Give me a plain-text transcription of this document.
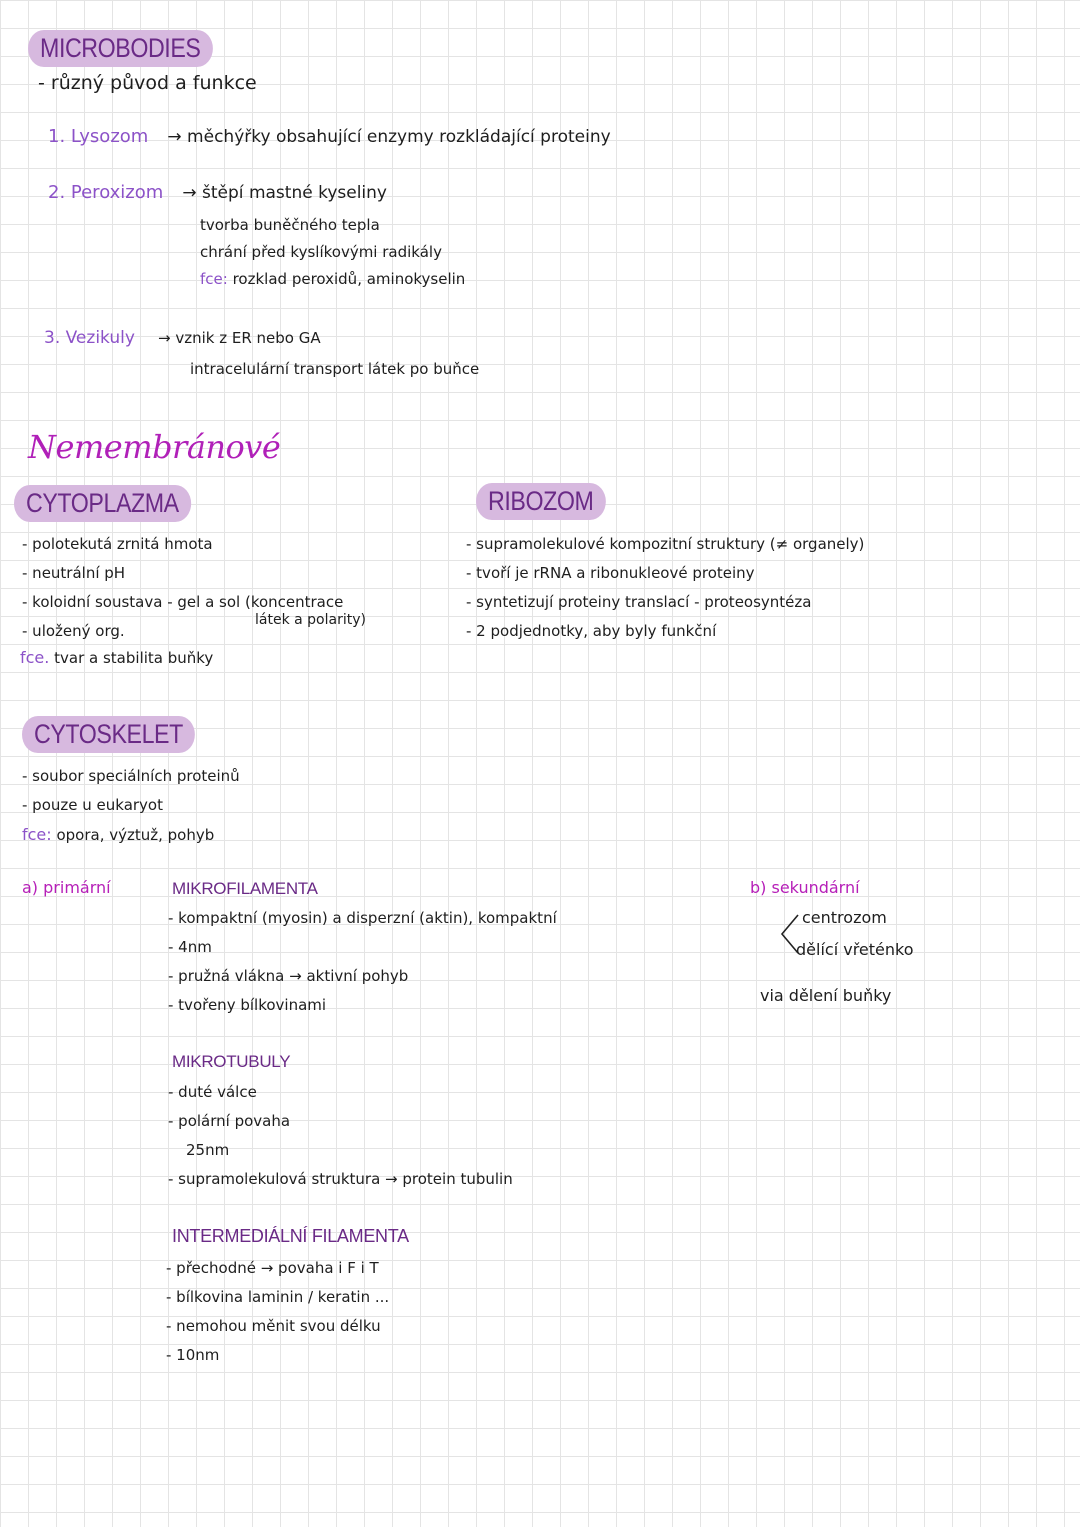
MICROBODIES
- různý původ a funkce
1. Lysozom → měchýřky obsahující enzymy rozkládající proteiny
2. Peroxizom → štěpí mastné kyseliny
tvorba buněčného tepla
chrání před kyslíkovými radikály
fce: rozklad peroxidů, aminokyselin
3. Vezikuly → vznik z ER nebo GA
intracelulární transport látek po buňce
Nemembránové
CYTOPLAZMA
- polotekutá zrnitá hmota
- neutrální pH
- koloidní soustava - gel a sol (koncentrace
- uložený org.
látek a polarity)
fce. tvar a stabilita buňky
RIBOZOM
- supramolekulové kompozitní struktury (≠ organely)
- tvoří je rRNA a ribonukleové proteiny
- syntetizují proteiny translací - proteosyntéza
- 2 podjednotky, aby byly funkční
CYTOSKELET
- soubor speciálních proteinů
- pouze u eukaryot
fce: opora, výztuž, pohyb
a) primární	MIKROFILAMENTA
- kompaktní (myosin) a disperzní (aktin), kompaktní
- 4nm
- pružná vlákna → aktivní pohyb
- tvořeny bílkovinami
MIKROTUBULY
- duté válce
- polární povaha
25nm
- supramolekulová struktura → protein tubulin
INTERMEDIÁLNÍ FILAMENTA
- přechodné → povaha i F i T
- bílkovina laminin / keratin ...
- nemohou měnit svou délku
- 10nm
b) sekundární
centrozom
dělící vřeténko
via dělení buňky
